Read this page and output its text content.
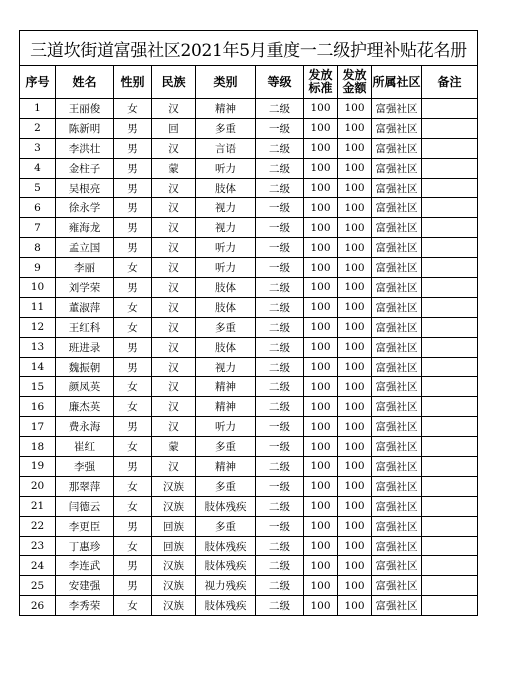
三道坎街道富强社区2021年5月重度一二级护理补贴花名册									
序号	姓名	性别	民族	类别	等级	发放标准	发放金额	所属社区	备注
1	王丽俊	女	汉	精神	二级	100	100	富强社区	
2	陈新明	男	回	多重	一级	100	100	富强社区	
3	李洪壮	男	汉	言语	二级	100	100	富强社区	
4	金柱子	男	蒙	听力	二级	100	100	富强社区	
5	吴根亮	男	汉	肢体	二级	100	100	富强社区	
6	徐永学	男	汉	视力	一级	100	100	富强社区	
7	雍海龙	男	汉	视力	一级	100	100	富强社区	
8	孟立国	男	汉	听力	一级	100	100	富强社区	
9	李丽	女	汉	听力	一级	100	100	富强社区	
10	刘学荣	男	汉	肢体	二级	100	100	富强社区	
11	董淑萍	女	汉	肢体	二级	100	100	富强社区	
12	王红科	女	汉	多重	二级	100	100	富强社区	
13	班进录	男	汉	肢体	二级	100	100	富强社区	
14	魏振朝	男	汉	视力	二级	100	100	富强社区	
15	颜凤英	女	汉	精神	二级	100	100	富强社区	
16	廉杰英	女	汉	精神	二级	100	100	富强社区	
17	费永海	男	汉	听力	一级	100	100	富强社区	
18	崔红	女	蒙	多重	一级	100	100	富强社区	
19	李强	男	汉	精神	二级	100	100	富强社区	
20	那翠萍	女	汉族	多重	一级	100	100	富强社区	
21	闫德云	女	汉族	肢体残疾	二级	100	100	富强社区	
22	李更臣	男	回族	多重	一级	100	100	富强社区	
23	丁惠珍	女	回族	肢体残疾	二级	100	100	富强社区	
24	李连武	男	汉族	肢体残疾	二级	100	100	富强社区	
25	安建强	男	汉族	视力残疾	二级	100	100	富强社区	
26	李秀荣	女	汉族	肢体残疾	二级	100	100	富强社区	
